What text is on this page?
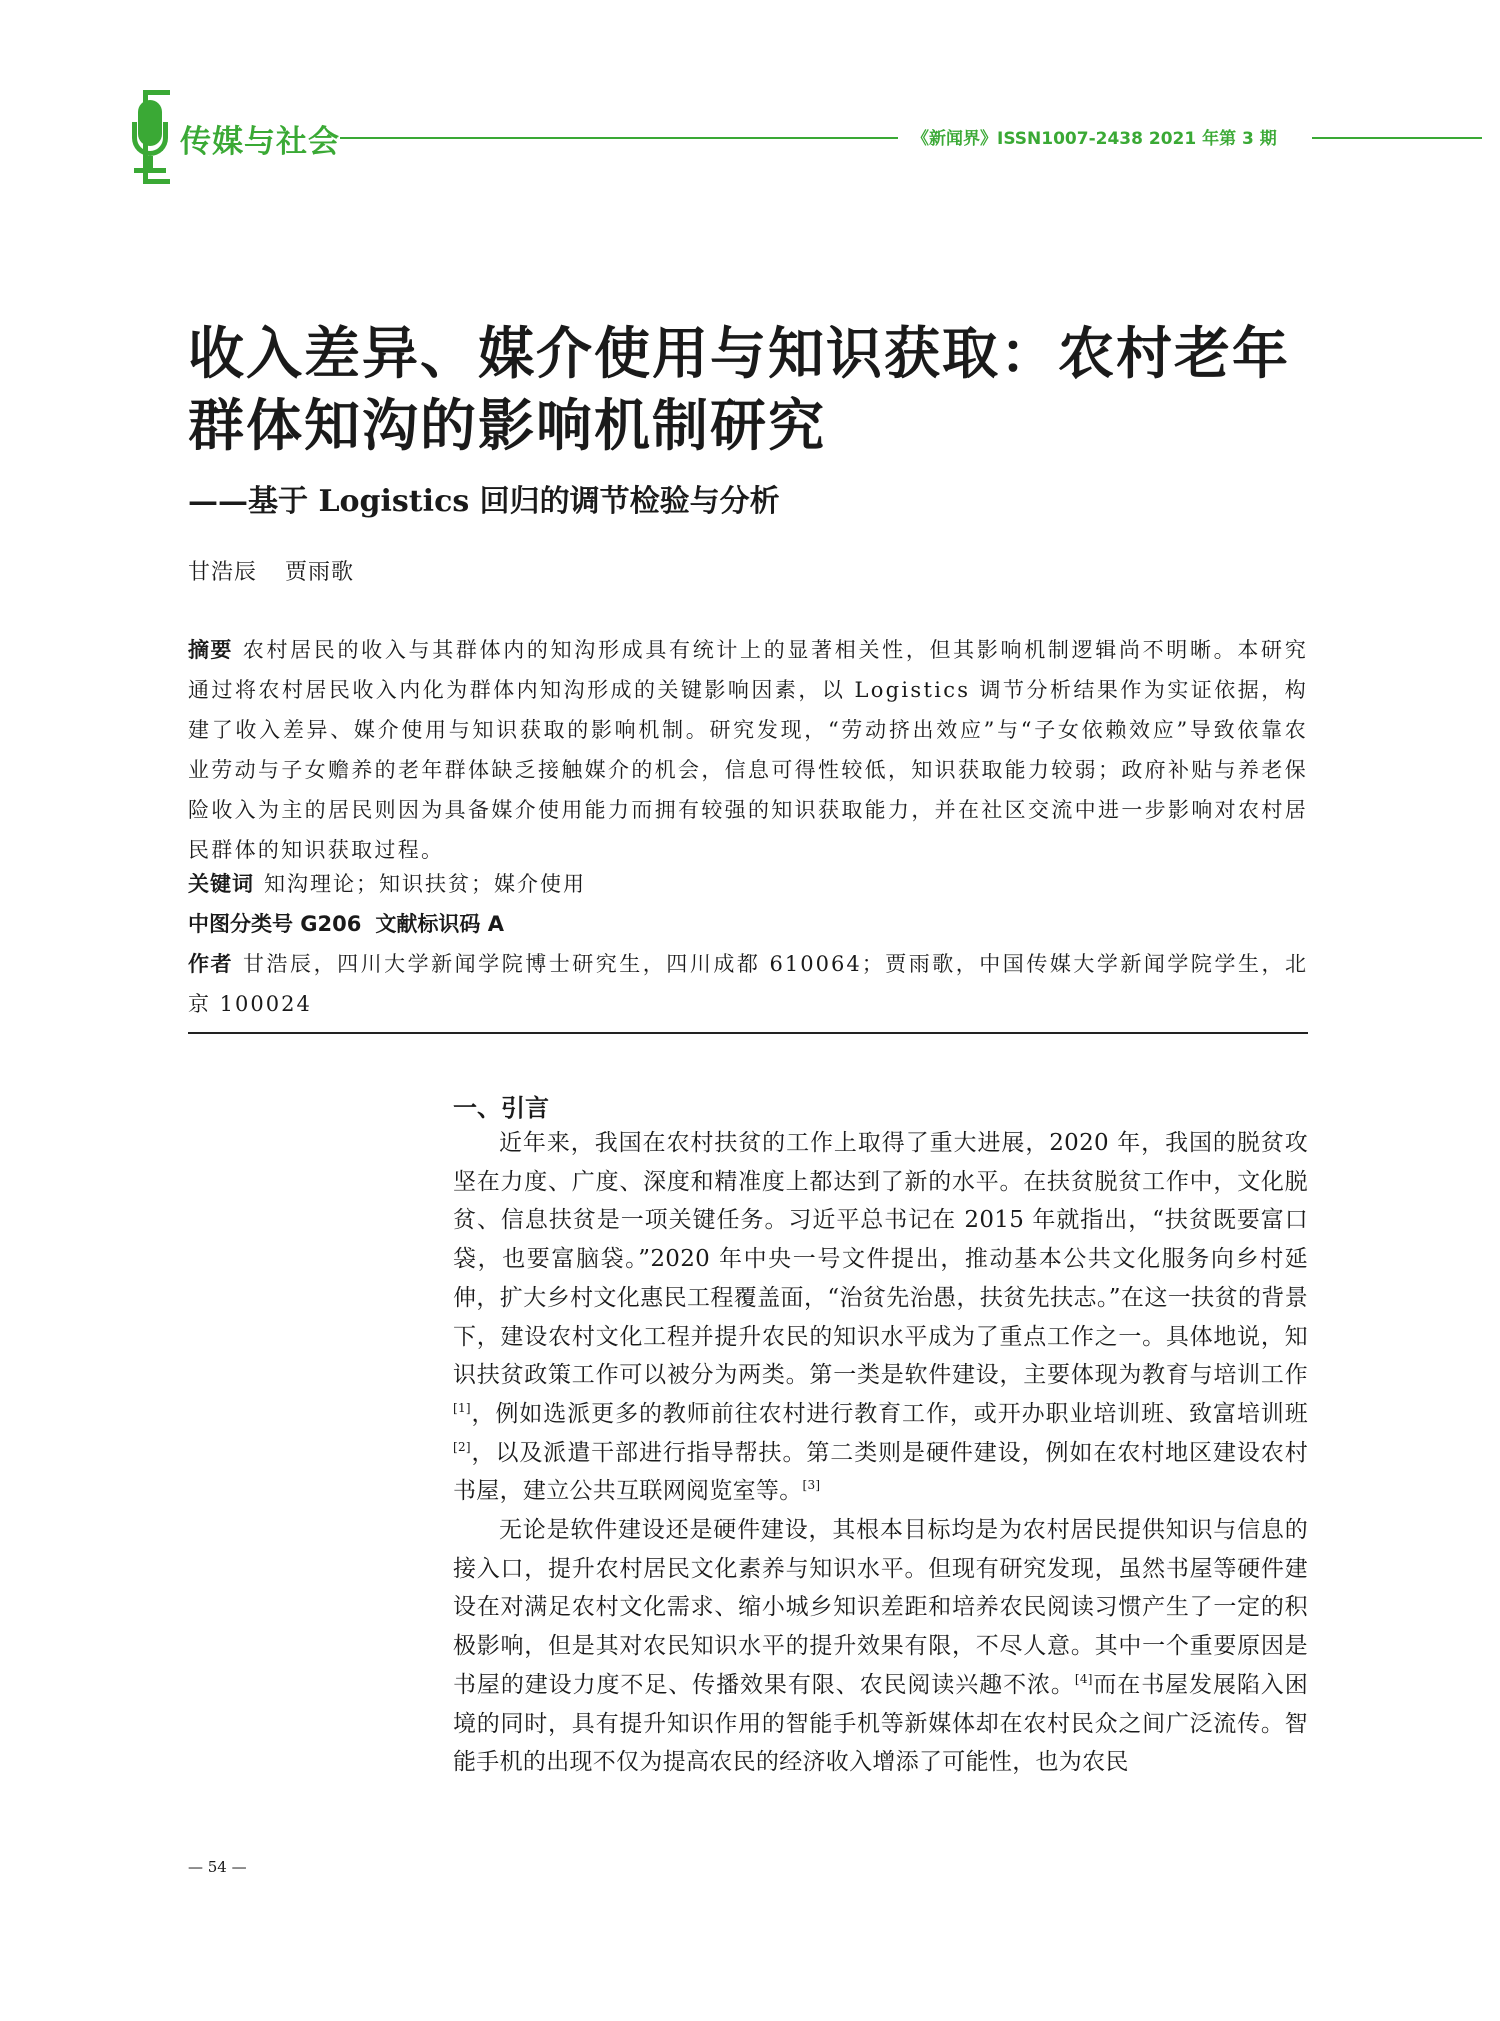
传媒与社会	《新闻界》ISSN1007-2438 2021 年第 3 期
收入差异、媒介使用与知识获取：农村老年群体知沟的影响机制研究
——基于 Logistics 回归的调节检验与分析
甘浩辰 贾雨歌
摘要 农村居民的收入与其群体内的知沟形成具有统计上的显著相关性，但其影响机制逻辑尚不明晰。本研究通过将农村居民收入内化为群体内知沟形成的关键影响因素，以 Logistics 调节分析结果作为实证依据，构建了收入差异、媒介使用与知识获取的影响机制。研究发现，“劳动挤出效应”与“子女依赖效应”导致依靠农业劳动与子女赡养的老年群体缺乏接触媒介的机会，信息可得性较低，知识获取能力较弱；政府补贴与养老保险收入为主的居民则因为具备媒介使用能力而拥有较强的知识获取能力，并在社区交流中进一步影响对农村居民群体的知识获取过程。
关键词 知沟理论；知识扶贫；媒介使用
中图分类号 G206 文献标识码 A
作者 甘浩辰，四川大学新闻学院博士研究生，四川成都 610064；贾雨歌，中国传媒大学新闻学院学生，北京 100024
一、引言

近年来，我国在农村扶贫的工作上取得了重大进展，2020 年，我国的脱贫攻坚在力度、广度、深度和精准度上都达到了新的水平。在扶贫脱贫工作中，文化脱贫、信息扶贫是一项关键任务。习近平总书记在 2015 年就指出，“扶贫既要富口袋，也要富脑袋。”2020 年中央一号文件提出，推动基本公共文化服务向乡村延伸，扩大乡村文化惠民工程覆盖面，“治贫先治愚，扶贫先扶志。”在这一扶贫的背景下，建设农村文化工程并提升农民的知识水平成为了重点工作之一。具体地说，知识扶贫政策工作可以被分为两类。第一类是软件建设，主要体现为教育与培训工作[1]，例如选派更多的教师前往农村进行教育工作，或开办职业培训班、致富培训班[2]，以及派遣干部进行指导帮扶。第二类则是硬件建设，例如在农村地区建设农村书屋，建立公共互联网阅览室等。[3]

无论是软件建设还是硬件建设，其根本目标均是为农村居民提供知识与信息的接入口，提升农村居民文化素养与知识水平。但现有研究发现，虽然书屋等硬件建设在对满足农村文化需求、缩小城乡知识差距和培养农民阅读习惯产生了一定的积极影响，但是其对农民知识水平的提升效果有限，不尽人意。其中一个重要原因是书屋的建设力度不足、传播效果有限、农民阅读兴趣不浓。[4]而在书屋发展陷入困境的同时，具有提升知识作用的智能手机等新媒体却在农村民众之间广泛流传。智能手机的出现不仅为提高农民的经济收入增添了可能性，也为农民

— 54 —
